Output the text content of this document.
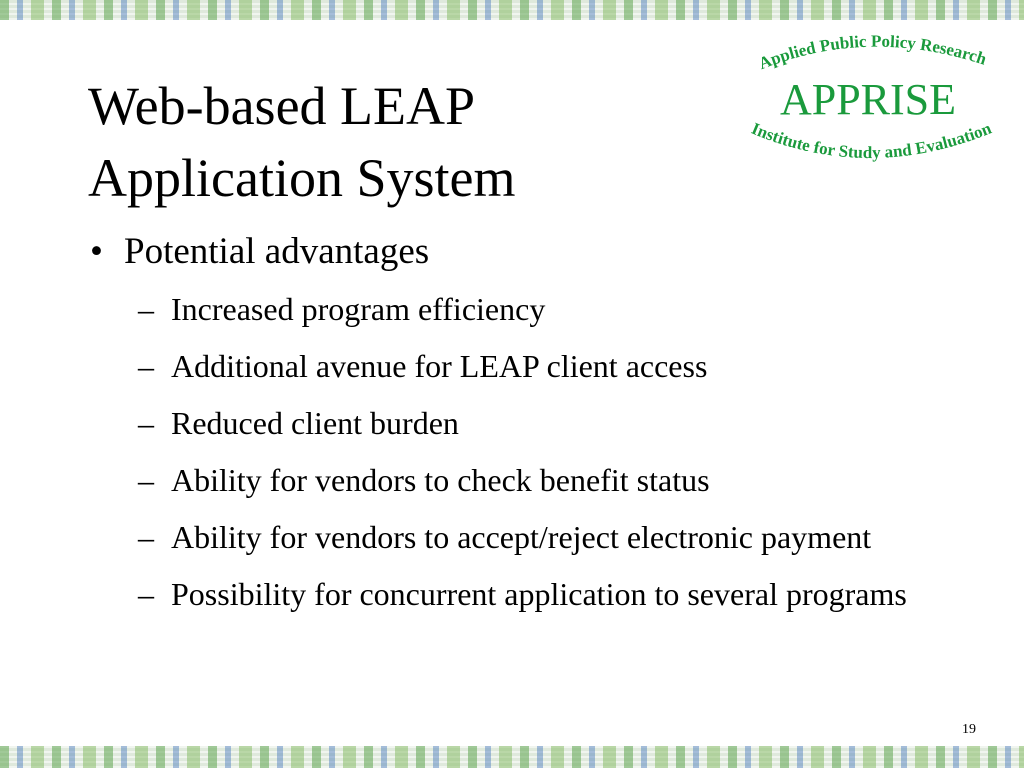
Applied Public Policy Research
APPRISE
Institute for Study and Evaluation
Web-based LEAP
Application System
• Potential advantages
– Increased program efficiency
– Additional avenue for LEAP client access
– Reduced client burden
– Ability for vendors to check benefit status
– Ability for vendors to accept/reject electronic payment
– Possibility for concurrent application to several programs
19
